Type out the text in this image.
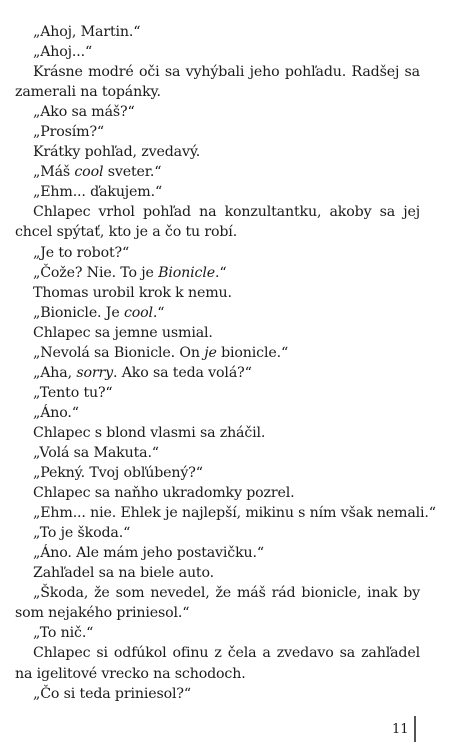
„Ahoj, Martin.“

„Ahoj...“

Krásne modré oči sa vyhýbali jeho pohľadu. Radšej sa zamerali na topánky.

„Ako sa máš?“

„Prosím?“

Krátky pohľad, zvedavý.

„Máš cool sveter.“

„Ehm... ďakujem.“

Chlapec vrhol pohľad na konzultantku, akoby sa jej chcel spýtať, kto je a čo tu robí.

„Je to robot?“

„Čože? Nie. To je Bionicle.“

Thomas urobil krok k nemu.

„Bionicle. Je cool.“

Chlapec sa jemne usmial.

„Nevolá sa Bionicle. On je bionicle.“

„Aha, sorry. Ako sa teda volá?“

„Tento tu?“

„Áno.“

Chlapec s blond vlasmi sa zháčil.

„Volá sa Makuta.“

„Pekný. Tvoj obľúbený?“

Chlapec sa naňho ukradomky pozrel.

„Ehm... nie. Ehlek je najlepší, mikinu s ním však nemali.“

„To je škoda.“

„Áno. Ale mám jeho postavičku.“

Zahľadel sa na biele auto.

„Škoda, že som nevedel, že máš rád bionicle, inak by som nejakého priniesol.“

„To nič.“

Chlapec si odfúkol ofinu z čela a zvedavo sa zahľadel na igelitové vrecko na schodoch.

„Čo si teda priniesol?“

11
